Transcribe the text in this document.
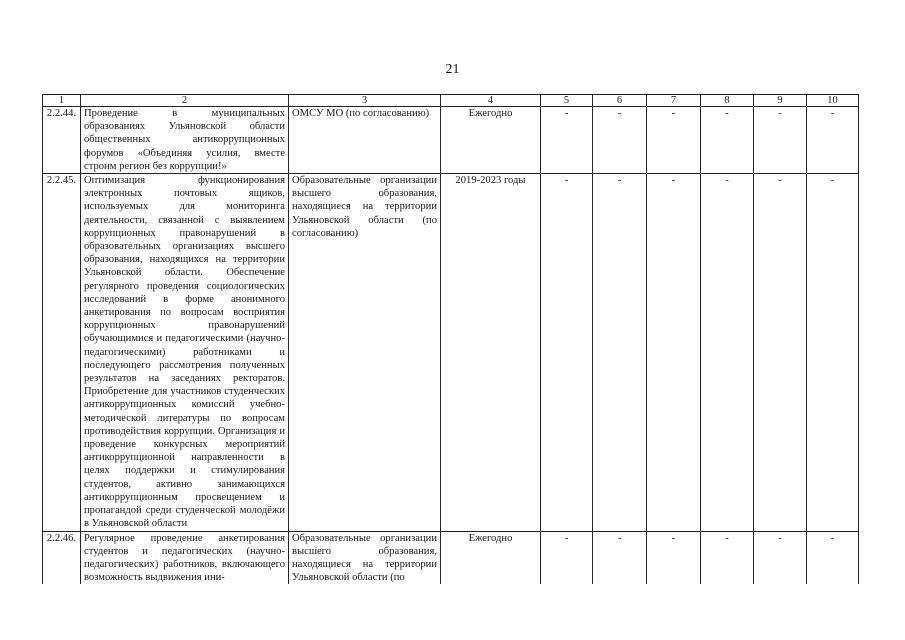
21
1	2	3	4	5	6	7	8	9	10
2.2.44.	Проведение в муниципальных образованиях Ульяновской области общественных антикоррупционных форумов «Объединяя усилия, вместе строим регион без коррупции!»	ОМСУ МО (по согласованию)	Ежегодно	-	-	-	-	-	-
2.2.45.	Оптимизация функционирования электронных почтовых ящиков, используемых для мониторинга деятельности, связанной с выявлением коррупционных правонарушений в образовательных организациях высшего образования, находящихся на территории Ульяновской области. Обеспечение регулярного проведения социологических исследований в форме анонимного анкетирования по вопросам восприятия коррупционных правонарушений обучающимися и педагогическими (научно-педагогическими) работниками и последующего рассмотрения полученных результатов на заседаниях ректоратов. Приобретение для участников студенческих антикоррупционных комиссий учебно-методической литературы по вопросам противодействия коррупции. Организация и проведение конкурсных мероприятий антикоррупционной направленности в целях поддержки и стимулирования студентов, активно занимающихся антикоррупционным просвещением и пропагандой среди студенческой молодёжи в Ульяновской области	Образовательные организации высшего образования, находящиеся на территории Ульяновской области (по согласованию)	2019-2023 годы	-	-	-	-	-	-
2.2.46.	Регулярное проведение анкетирования студентов и педагогических (научно-педагогических) работников, включающего возможность выдвижения ини-	Образовательные организации высшего образования, находящиеся на территории Ульяновской области (по	Ежегодно	-	-	-	-	-	-
